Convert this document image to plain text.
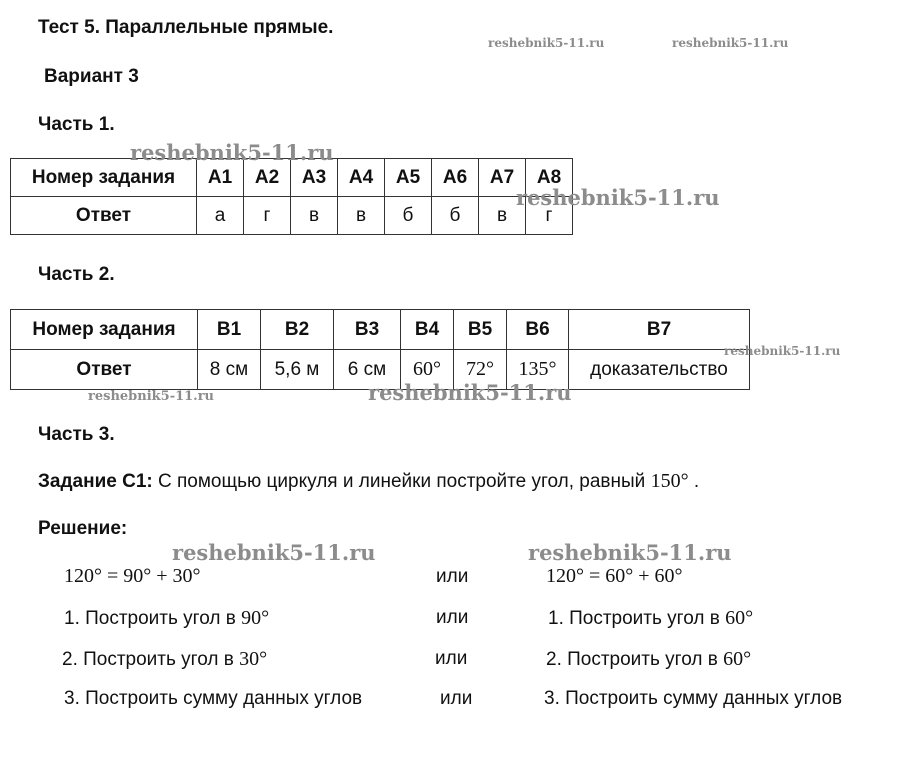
Тест 5. Параллельные прямые.
Вариант 3
Часть 1.
Номер задания	A1	A2	A3	A4	A5	A6	A7	A8
Ответ	а	г	в	в	б	б	в	г
Часть 2.
Номер задания	B1	B2	B3	B4	B5	B6	B7
Ответ	8 см	5,6 м	6 см	60°	72°	135°	доказательство
Часть 3.
Задание С1: С помощью циркуля и линейки постройте угол, равный 150° .
Решение:
120° = 90° + 30°	или	120° = 60° + 60°
1. Построить угол в 90°	или	1. Построить угол в 60°
2. Построить угол в 30°	или	2. Построить угол в 60°
3. Построить сумму данных углов	или	3. Построить сумму данных углов
reshebnik5-11.ru	reshebnik5-11.ru
reshebnik5-11.ru
reshebnik5-11.ru
reshebnik5-11.ru
reshebnik5-11.ru
reshebnik5-11.ru
reshebnik5-11.ru	reshebnik5-11.ru
